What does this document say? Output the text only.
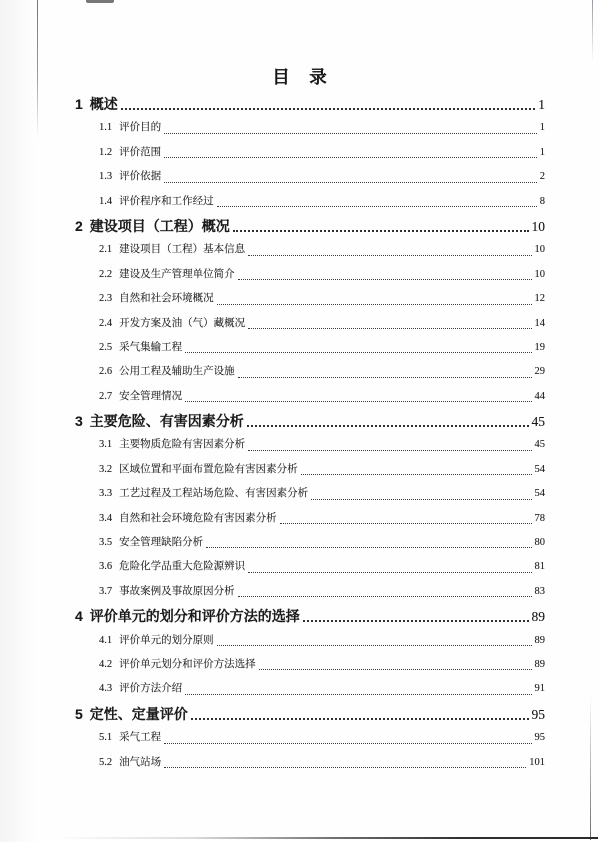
目　录
1 概述	1
1.1 评价目的	1
1.2 评价范围	1
1.3 评价依据	2
1.4 评价程序和工作经过	8
2 建设项目（工程）概况	10
2.1 建设项目（工程）基本信息	10
2.2 建设及生产管理单位简介	10
2.3 自然和社会环境概况	12
2.4 开发方案及油（气）藏概况	14
2.5 采气集输工程	19
2.6 公用工程及辅助生产设施	29
2.7 安全管理情况	44
3 主要危险、有害因素分析	45
3.1 主要物质危险有害因素分析	45
3.2 区域位置和平面布置危险有害因素分析	54
3.3 工艺过程及工程站场危险、有害因素分析	54
3.4 自然和社会环境危险有害因素分析	78
3.5 安全管理缺陷分析	80
3.6 危险化学品重大危险源辨识	81
3.7 事故案例及事故原因分析	83
4 评价单元的划分和评价方法的选择	89
4.1 评价单元的划分原则	89
4.2 评价单元划分和评价方法选择	89
4.3 评价方法介绍	91
5 定性、定量评价	95
5.1 采气工程	95
5.2 油气站场	101
